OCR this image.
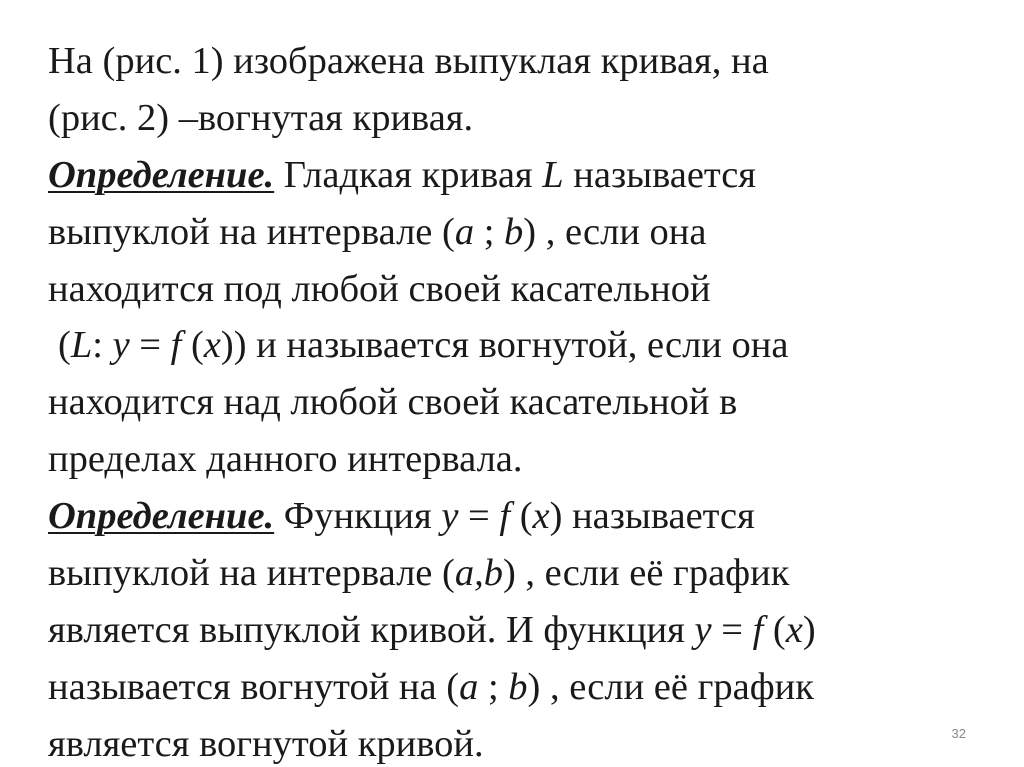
На (рис. 1) изображена выпуклая кривая, на
(рис. 2) –вогнутая кривая.
Определение. Гладкая кривая L называется
выпуклой на интервале (a ; b) , если она
находится под любой своей касательной
(L: y = f (x)) и называется вогнутой, если она
находится над любой своей касательной в
пределах данного интервала.
Определение. Функция y = f (x) называется
выпуклой на интервале (a,b) , если её график
является выпуклой кривой. И функция y = f (x)
называется вогнутой на (a ; b) , если её график
является вогнутой кривой.	32
